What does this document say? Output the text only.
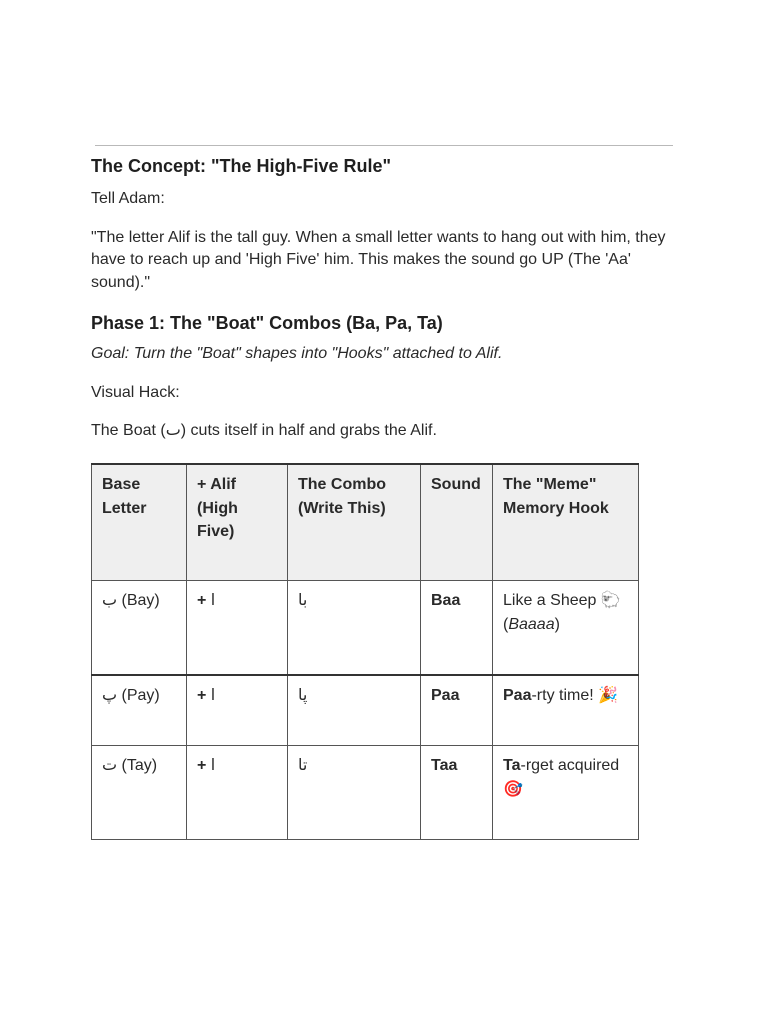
The Concept: "The High-Five Rule"

Tell Adam:

"The letter Alif is the tall guy. When a small letter wants to hang out with him, they have to reach up and 'High Five' him. This makes the sound go UP (The 'Aa' sound)."

Phase 1: The "Boat" Combos (Ba, Pa, Ta)

Goal: Turn the "Boat" shapes into "Hooks" attached to Alif.

Visual Hack:

The Boat (ٮ) cuts itself in half and grabs the Alif.

Base Letter	+ Alif (High Five)	The Combo (Write This)	Sound	The "Meme" Memory Hook
ب (Bay)	+ ا	با	Baa	Like a Sheep 🐑 (Baaaa)
پ (Pay)	+ ا	پا	Paa	Paa-rty time! 🎉
ت (Tay)	+ ا	تا	Taa	Ta-rget acquired 🎯
